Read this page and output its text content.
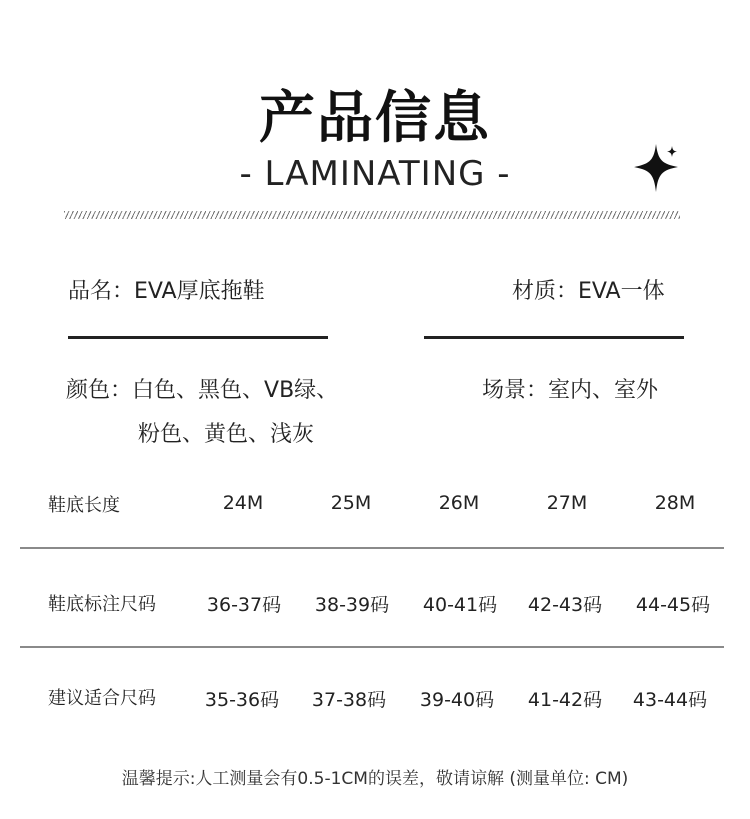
产品信息
- LAMINATING -
品名：EVA厚底拖鞋	材质：EVA一体
颜色：白色、黑色、VB绿、
粉色、黄色、浅灰
场景：室内、室外
鞋底长度	24M	25M	26M	27M	28M
鞋底标注尺码	36-37码	38-39码	40-41码	42-43码	44-45码
建议适合尺码	35-36码	37-38码	39-40码	41-42码	43-44码
温馨提示:人工测量会有0.5-1CM的误差，敬请谅解 (测量单位: CM)
